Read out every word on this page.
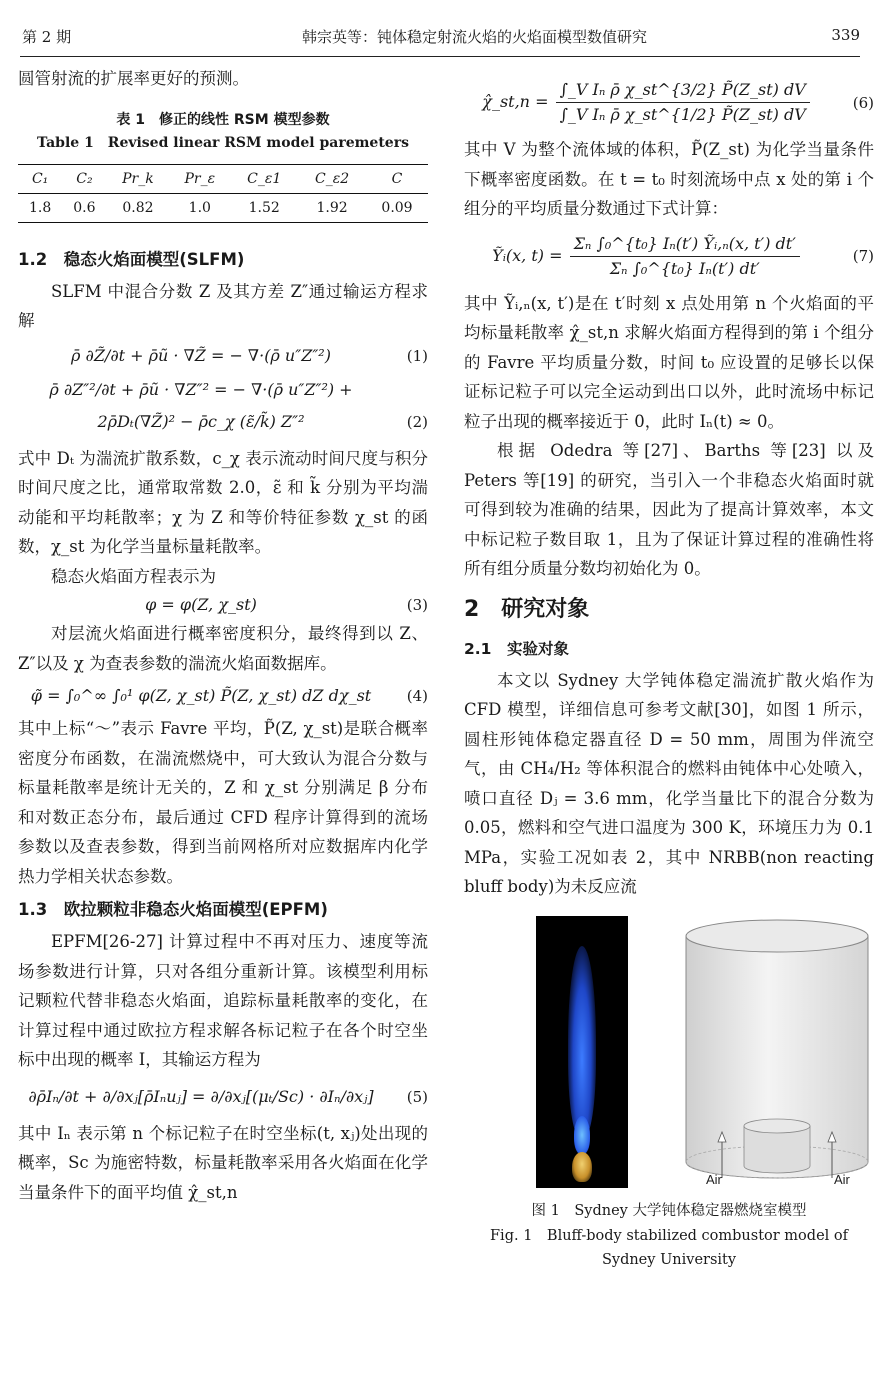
第 2 期	韩宗英等：钝体稳定射流火焰的火焰面模型数值研究	339

圆管射流的扩展率更好的预测。

表 1　修正的线性 RSM 模型参数
Table 1　Revised linear RSM model paremeters
C₁	C₂	Pr_k	Pr_ε	C_ε1	C_ε2	C
1.8	0.6	0.82	1.0	1.52	1.92	0.09
1.2　稳态火焰面模型(SLFM)

SLFM 中混合分数 Z 及其方差 Z″通过输运方程求解

ρ̄ ∂Z̃/∂t + ρ̄ũ · ∇Z̃ = − ∇·(ρ̄ u″Z″²)	(1)
ρ̄ ∂Z″²/∂t + ρ̄ũ · ∇Z″² = − ∇·(ρ̄ u″Z″²) +
2ρ̄Dₜ(∇Z̃)² − ρ̄c_χ (ε̃/k̃) Z″²	(2)

式中 Dₜ 为湍流扩散系数，c_χ 表示流动时间尺度与积分时间尺度之比，通常取常数 2.0，ε̃ 和 k̃ 分别为平均湍动能和平均耗散率；χ 为 Z 和等价特征参数 χ_st 的函数，χ_st 为化学当量标量耗散率。

稳态火焰面方程表示为

φ = φ(Z, χ_st)	(3)

对层流火焰面进行概率密度积分，最终得到以 Z、Z″以及 χ 为查表参数的湍流火焰面数据库。

φ̃ = ∫₀^∞ ∫₀¹ φ(Z, χ_st) P̃(Z, χ_st) dZ dχ_st	(4)

其中上标“～”表示 Favre 平均，P̃(Z, χ_st)是联合概率密度分布函数，在湍流燃烧中，可大致认为混合分数与标量耗散率是统计无关的，Z 和 χ_st 分别满足 β 分布和对数正态分布，最后通过 CFD 程序计算得到的流场参数以及查表参数，得到当前网格所对应数据库内化学热力学相关状态参数。

1.3　欧拉颗粒非稳态火焰面模型(EPFM)

EPFM[26-27] 计算过程中不再对压力、速度等流场参数进行计算，只对各组分重新计算。该模型利用标记颗粒代替非稳态火焰面，追踪标量耗散率的变化，在计算过程中通过欧拉方程求解各标记粒子在各个时空坐标中出现的概率 I，其输运方程为

∂ρ̄Iₙ/∂t + ∂/∂xⱼ[ρ̄Iₙuⱼ] = ∂/∂xⱼ[(μₜ/Sc) · ∂Iₙ/∂xⱼ]	(5)

其中 Iₙ 表示第 n 个标记粒子在时空坐标(t, xⱼ)处出现的概率，Sc 为施密特数，标量耗散率采用各火焰面在化学当量条件下的面平均值 χ̂_st,n

χ̂_st,n = $\frac{\text{∫\_V Iₙ ρ̄ χ\_st\textasciicircum{}\{3/2\} P̃(Z\_st) dV}}{\text{∫\_V Iₙ ρ̄ χ\_st\textasciicircum{}\{1/2\} P̃(Z\_st) dV}}$	(6)

其中 V 为整个流体域的体积，P̃(Z_st) 为化学当量条件下概率密度函数。在 t = t₀ 时刻流场中点 x 处的第 i 个组分的平均质量分数通过下式计算：

Ỹᵢ(x, $t) = \frac{\text{Σₙ ∫₀\textasciicircum{}\{t₀\} Iₙ(t′) Ỹᵢ,ₙ(x, t′) dt′}}{\text{Σₙ ∫₀\textasciicircum{}\{t₀\} Iₙ(t′) dt′}}$	(7)

其中 Ỹᵢ,ₙ(x, t′)是在 t′时刻 x 点处用第 n 个火焰面的平均标量耗散率 χ̂_st,n 求解火焰面方程得到的第 i 个组分的 Favre 平均质量分数，时间 t₀ 应设置的足够长以保证标记粒子可以完全运动到出口以外，此时流场中标记粒子出现的概率接近于 0，此时 Iₙ(t) ≈ 0。

根据 Odedra 等[27]、Barths 等[23] 以及 Peters 等[19] 的研究，当引入一个非稳态火焰面时就可得到较为准确的结果，因此为了提高计算效率，本文中标记粒子数目取 1，且为了保证计算过程的准确性将所有组分质量分数均初始化为 0。

2　研究对象
2.1　实验对象

本文以 Sydney 大学钝体稳定湍流扩散火焰作为 CFD 模型，详细信息可参考文献[30]，如图 1 所示，圆柱形钝体稳定器直径 D = 50 mm，周围为伴流空气，由 CH₄/H₂ 等体积混合的燃料由钝体中心处喷入，喷口直径 Dⱼ = 3.6 mm，化学当量比下的混合分数为 0.05，燃料和空气进口温度为 300 K，环境压力为 0.1 MPa，实验工况如表 2，其中 NRBB(non reacting bluff body)为未反应流

Air	Air
图 1　Sydney 大学钝体稳定器燃烧室模型
Fig. 1　Bluff-body stabilized combustor model of
Sydney University
